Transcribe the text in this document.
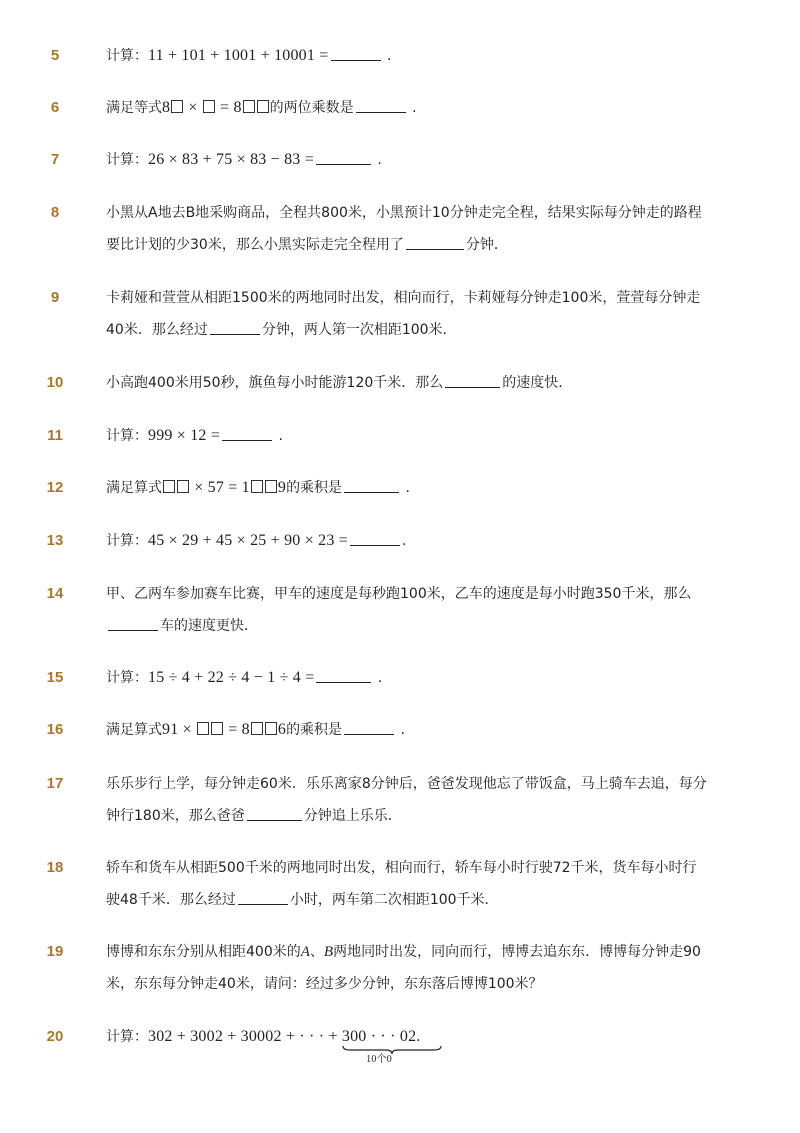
5	计算：11 + 101 + 1001 + 10001 =	.
6	满足等式8 ×  = 8 的两位乘数是	.
7	计算：26 × 83 + 75 × 83 − 83 =	.
8	小黑从A地去B地采购商品，全程共800米，小黑预计10分钟走完全程，结果实际每分钟走的路程
要比计划的少30米，那么小黑实际走完全程用了	分钟．
9	卡莉娅和萱萱从相距1500米的两地同时出发，相向而行，卡莉娅每分钟走100米，萱萱每分钟走
40米．那么经过	分钟，两人第一次相距100米．
10	小高跑400米用50秒，旗鱼每小时能游120千米．那么	的速度快．
11	计算：999 × 12 =	.
12	满足算式 × 57 = 1 9的乘积是	.
13	计算：45 × 29 + 45 × 25 + 90 × 23 =	.
14	甲、乙两车参加赛车比赛，甲车的速度是每秒跑100米，乙车的速度是每小时跑350千米，那么
车的速度更快．
15	计算：15 ÷ 4 + 22 ÷ 4 − 1 ÷ 4 =	.
16	满足算式91 ×  = 8 6的乘积是	.
17	乐乐步行上学，每分钟走60米．乐乐离家8分钟后，爸爸发现他忘了带饭盒，马上骑车去追，每分
钟行180米，那么爸爸	分钟追上乐乐．
18	轿车和货车从相距500千米的两地同时出发，相向而行，轿车每小时行驶72千米，货车每小时行
驶48千米．那么经过	小时，两车第二次相距100千米．
19	博博和东东分别从相距400米的A、B两地同时出发，同向而行，博博去追东东．博博每分钟走90
米，东东每分钟走40米，请问：经过多少分钟，东东落后博博100米？
20	计算：302 + 3002 + 30002 + · · · + 300 · · · 02
10个0
.
